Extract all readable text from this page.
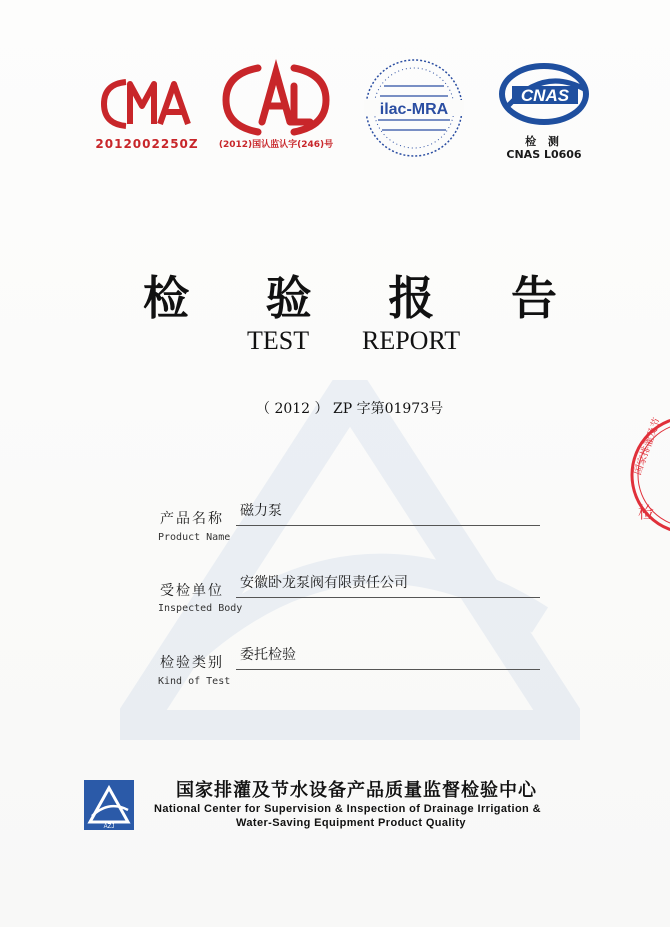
2012002250Z	(2012)国认监认字(246)号
ilac-MRA
CNAS
检 测
CNAS L0606
检 验 报 告
TEST REPORT
（ 2012 ） ZP 字第01973号
产品名称
Product Name
磁力泵
受检单位
Inspected Body
安徽卧龙泵阀有限责任公司
检验类别
Kind of Test
委托检验
AZJ
国家排灌及节水设备产品质量监督检验中心
National Center for Supervision & Inspection of Drainage Irrigation &
Water-Saving Equipment Product Quality
检
国家排灌及节
